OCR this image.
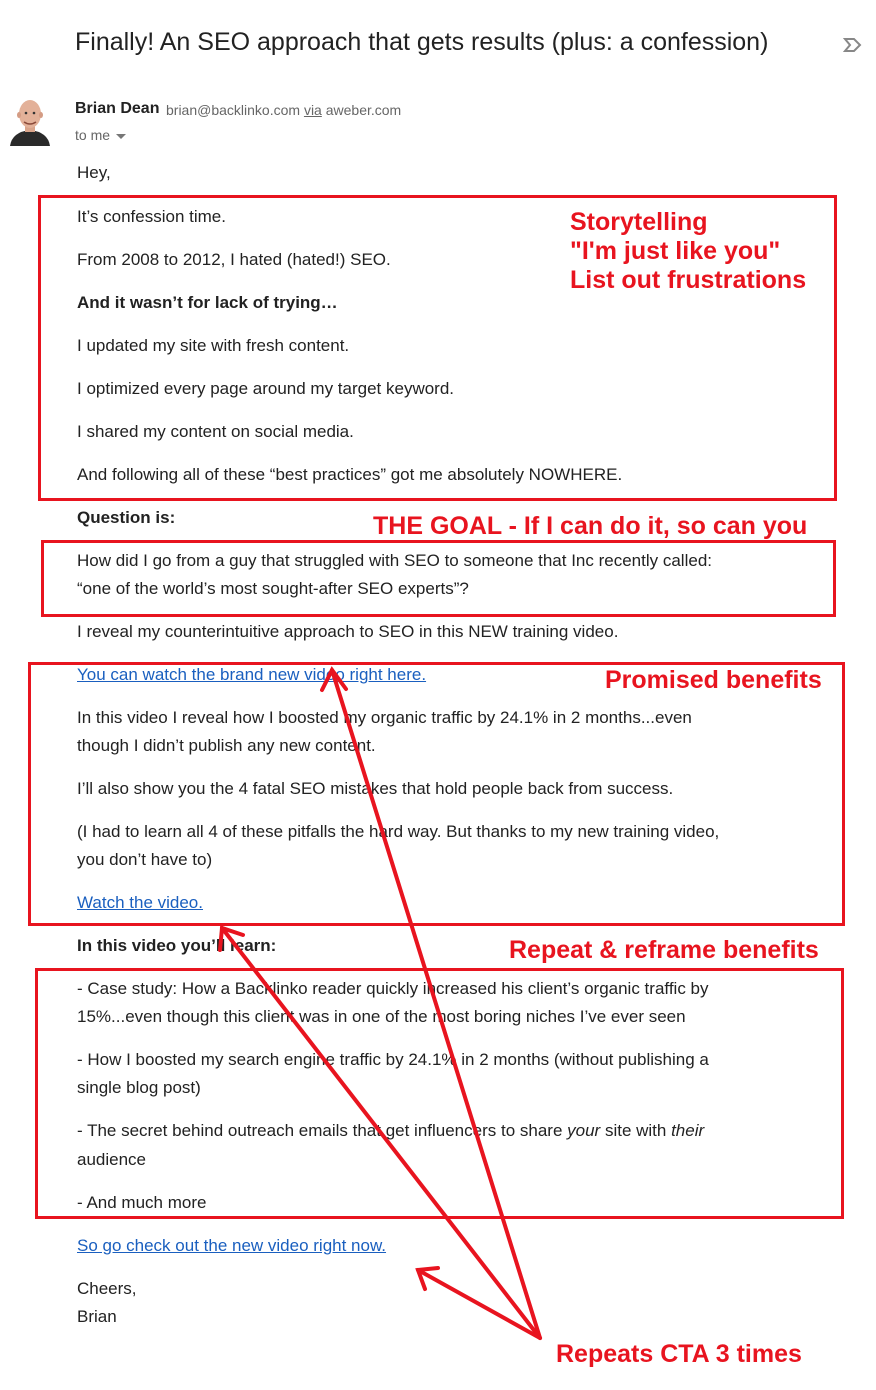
Finally! An SEO approach that gets results (plus: a confession)
Brian Dean brian@backlinko.com via aweber.com
to me
Hey,
It’s confession time.
From 2008 to 2012, I hated (hated!) SEO.
And it wasn’t for lack of trying…
I updated my site with fresh content.
I optimized every page around my target keyword.
I shared my content on social media.
And following all of these “best practices” got me absolutely NOWHERE.
Question is:
How did I go from a guy that struggled with SEO to someone that Inc recently called:
“one of the world’s most sought-after SEO experts”?
I reveal my counterintuitive approach to SEO in this NEW training video.
You can watch the brand new video right here.
In this video I reveal how I boosted my organic traffic by 24.1% in 2 months...even
though I didn’t publish any new content.
I’ll also show you the 4 fatal SEO mistakes that hold people back from success.
(I had to learn all 4 of these pitfalls the hard way. But thanks to my new training video,
you don’t have to)
Watch the video.
In this video you’ll learn:
- Case study: How a Backlinko reader quickly increased his client’s organic traffic by
15%...even though this client was in one of the most boring niches I’ve ever seen
- How I boosted my search engine traffic by 24.1% in 2 months (without publishing a
single blog post)
- The secret behind outreach emails that get influencers to share your site with their
audience
- And much more
So go check out the new video right now.
Cheers,
Brian
Storytelling
"I'm just like you"
List out frustrations
THE GOAL - If I can do it, so can you
Promised benefits
Repeat & reframe benefits
Repeats CTA 3 times
